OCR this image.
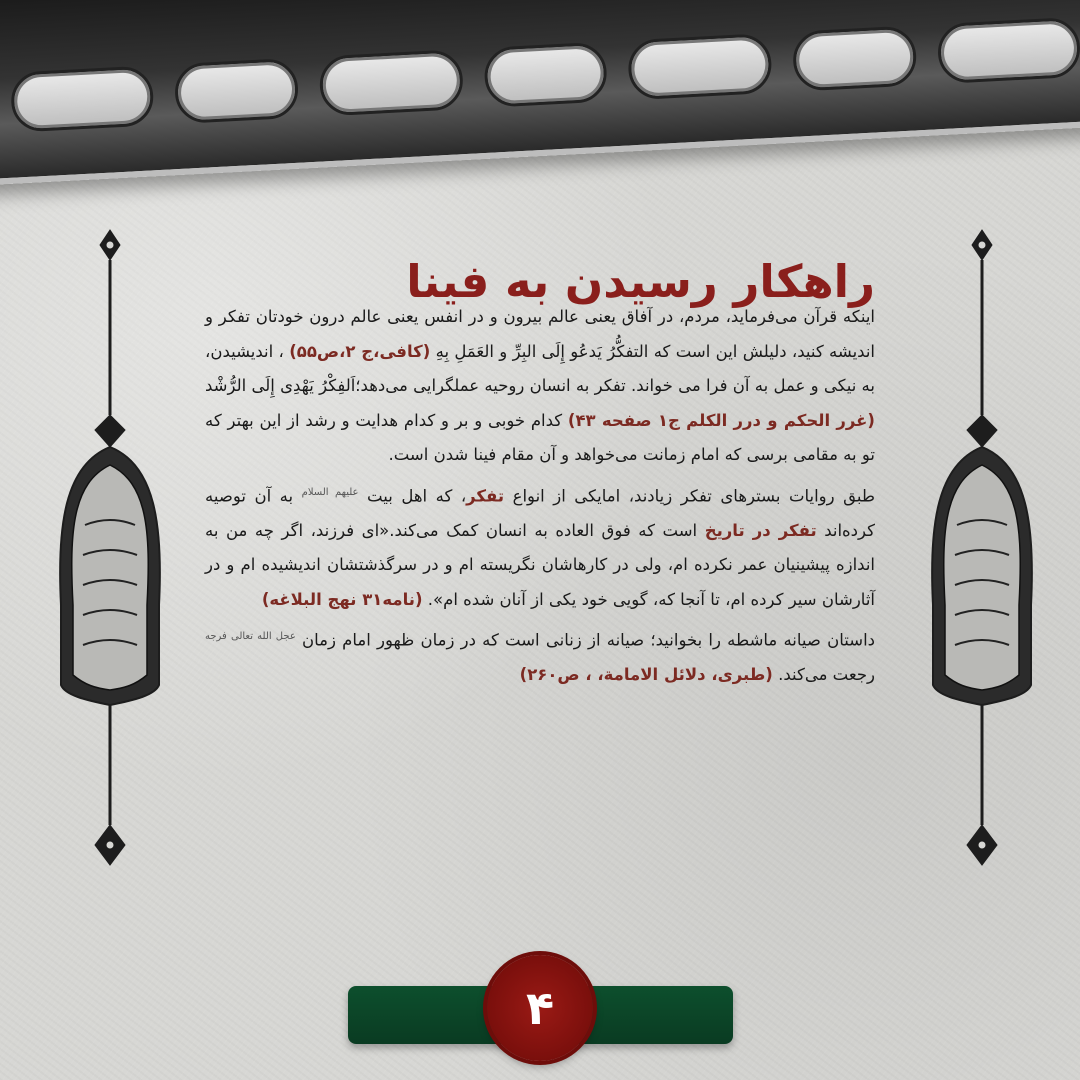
راهکار رسیدن به فینا

اینکه قرآن می‌فرماید، مردم، در آفاق یعنی عالم بیرون و در انفس یعنی عالم درون خودتان تفکر و اندیشه کنید، دلیلش این است که التفکُّرُ یَدعُو إِلَی البِرِّ و العَمَلِ بِهِ (کافی،ج ۲،ص۵۵) ، اندیشیدن، به نیکی و عمل به آن فرا می خواند. تفکر به انسان روحیه عملگرایی می‌دهد؛اَلفِکْرُ یَهْدِی إِلَی الرُّشْد (غرر الحکم و درر الکلم ج۱ صفحه ۴۳) کدام خوبی و بر و کدام هدایت و رشد از این بهتر که تو به مقامی برسی که امام زمانت می‌خواهد و آن مقام فینا شدن است.

طبق روایات بسترهای تفکر زیادند، امایکی از انواع تفکر، که اهل بیت $^{علیهم السلام}$ به آن توصیه کرده‌اند تفکر در تاریخ است که فوق العاده به انسان کمک می‌کند.«ای فرزند، اگر چه من به اندازه پیشینیان عمر نکرده ام، ولی در کارهاشان نگریسته ام و در سرگذشتشان اندیشیده ام و در آثارشان سیر کرده ام، تا آنجا که، گویی خود یکی از آنان شده ام». (نامه۳۱ نهج البلاغه)

داستان صیانه ماشطه را بخوانید؛ صیانه از زنانی است که در زمان ظهور امام زمان $^{عجل الله تعالی فرجه}$ رجعت می‌کند. (طبری، دلائل الامامة، ، ص۲۶۰)

۴
